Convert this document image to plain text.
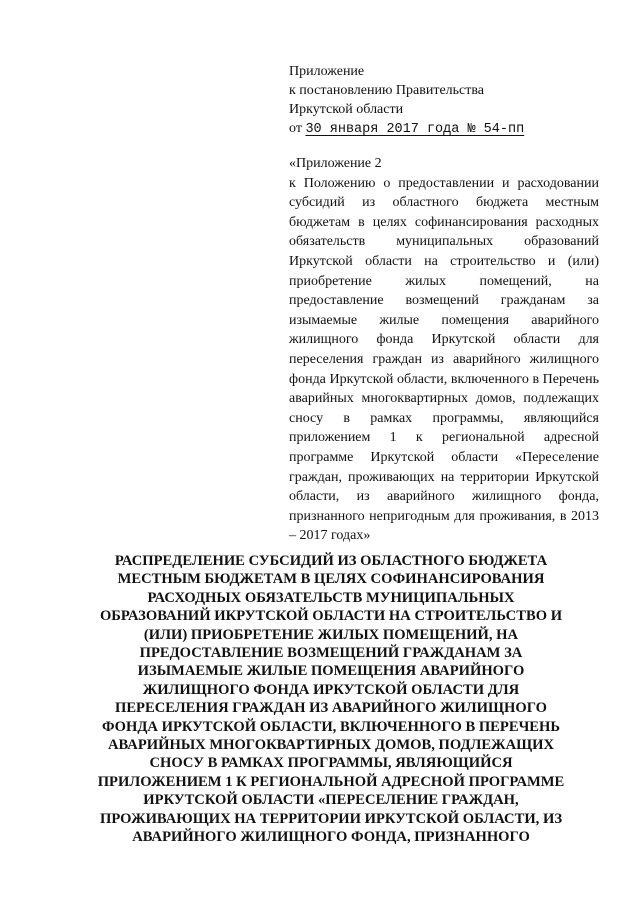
Приложение
к постановлению Правительства
Иркутской области
от 30 января 2017 года № 54-пп
«Приложение 2
к Положению о предоставлении и расходовании субсидий из областного бюджета местным бюджетам в целях софинансирования расходных обязательств муниципальных образований Иркутской области на строительство и (или) приобретение жилых помещений, на предоставление возмещений гражданам за изымаемые жилые помещения аварийного жилищного фонда Иркутской области для переселения граждан из аварийного жилищного фонда Иркутской области, включенного в Перечень аварийных многоквартирных домов, подлежащих сносу в рамках программы, являющийся приложением 1 к региональной адресной программе Иркутской области «Переселение граждан, проживающих на территории Иркутской области, из аварийного жилищного фонда, признанного непригодным для проживания, в 2013 – 2017 годах»
РАСПРЕДЕЛЕНИЕ СУБСИДИЙ ИЗ ОБЛАСТНОГО БЮДЖЕТА
МЕСТНЫМ БЮДЖЕТАМ В ЦЕЛЯХ СОФИНАНСИРОВАНИЯ
РАСХОДНЫХ ОБЯЗАТЕЛЬСТВ МУНИЦИПАЛЬНЫХ
ОБРАЗОВАНИЙ ИКРУТСКОЙ ОБЛАСТИ НА СТРОИТЕЛЬСТВО И
(ИЛИ) ПРИОБРЕТЕНИЕ ЖИЛЫХ ПОМЕЩЕНИЙ, НА
ПРЕДОСТАВЛЕНИЕ ВОЗМЕЩЕНИЙ ГРАЖДАНАМ ЗА
ИЗЫМАЕМЫЕ ЖИЛЫЕ ПОМЕЩЕНИЯ АВАРИЙНОГО
ЖИЛИЩНОГО ФОНДА ИРКУТСКОЙ ОБЛАСТИ ДЛЯ
ПЕРЕСЕЛЕНИЯ ГРАЖДАН ИЗ АВАРИЙНОГО ЖИЛИЩНОГО
ФОНДА ИРКУТСКОЙ ОБЛАСТИ, ВКЛЮЧЕННОГО В ПЕРЕЧЕНЬ
АВАРИЙНЫХ МНОГОКВАРТИРНЫХ ДОМОВ, ПОДЛЕЖАЩИХ
СНОСУ В РАМКАХ ПРОГРАММЫ, ЯВЛЯЮЩИЙСЯ
ПРИЛОЖЕНИЕМ 1 К РЕГИОНАЛЬНОЙ АДРЕСНОЙ ПРОГРАММЕ
ИРКУТСКОЙ ОБЛАСТИ «ПЕРЕСЕЛЕНИЕ ГРАЖДАН,
ПРОЖИВАЮЩИХ НА ТЕРРИТОРИИ ИРКУТСКОЙ ОБЛАСТИ, ИЗ
АВАРИЙНОГО ЖИЛИЩНОГО ФОНДА, ПРИЗНАННОГО
